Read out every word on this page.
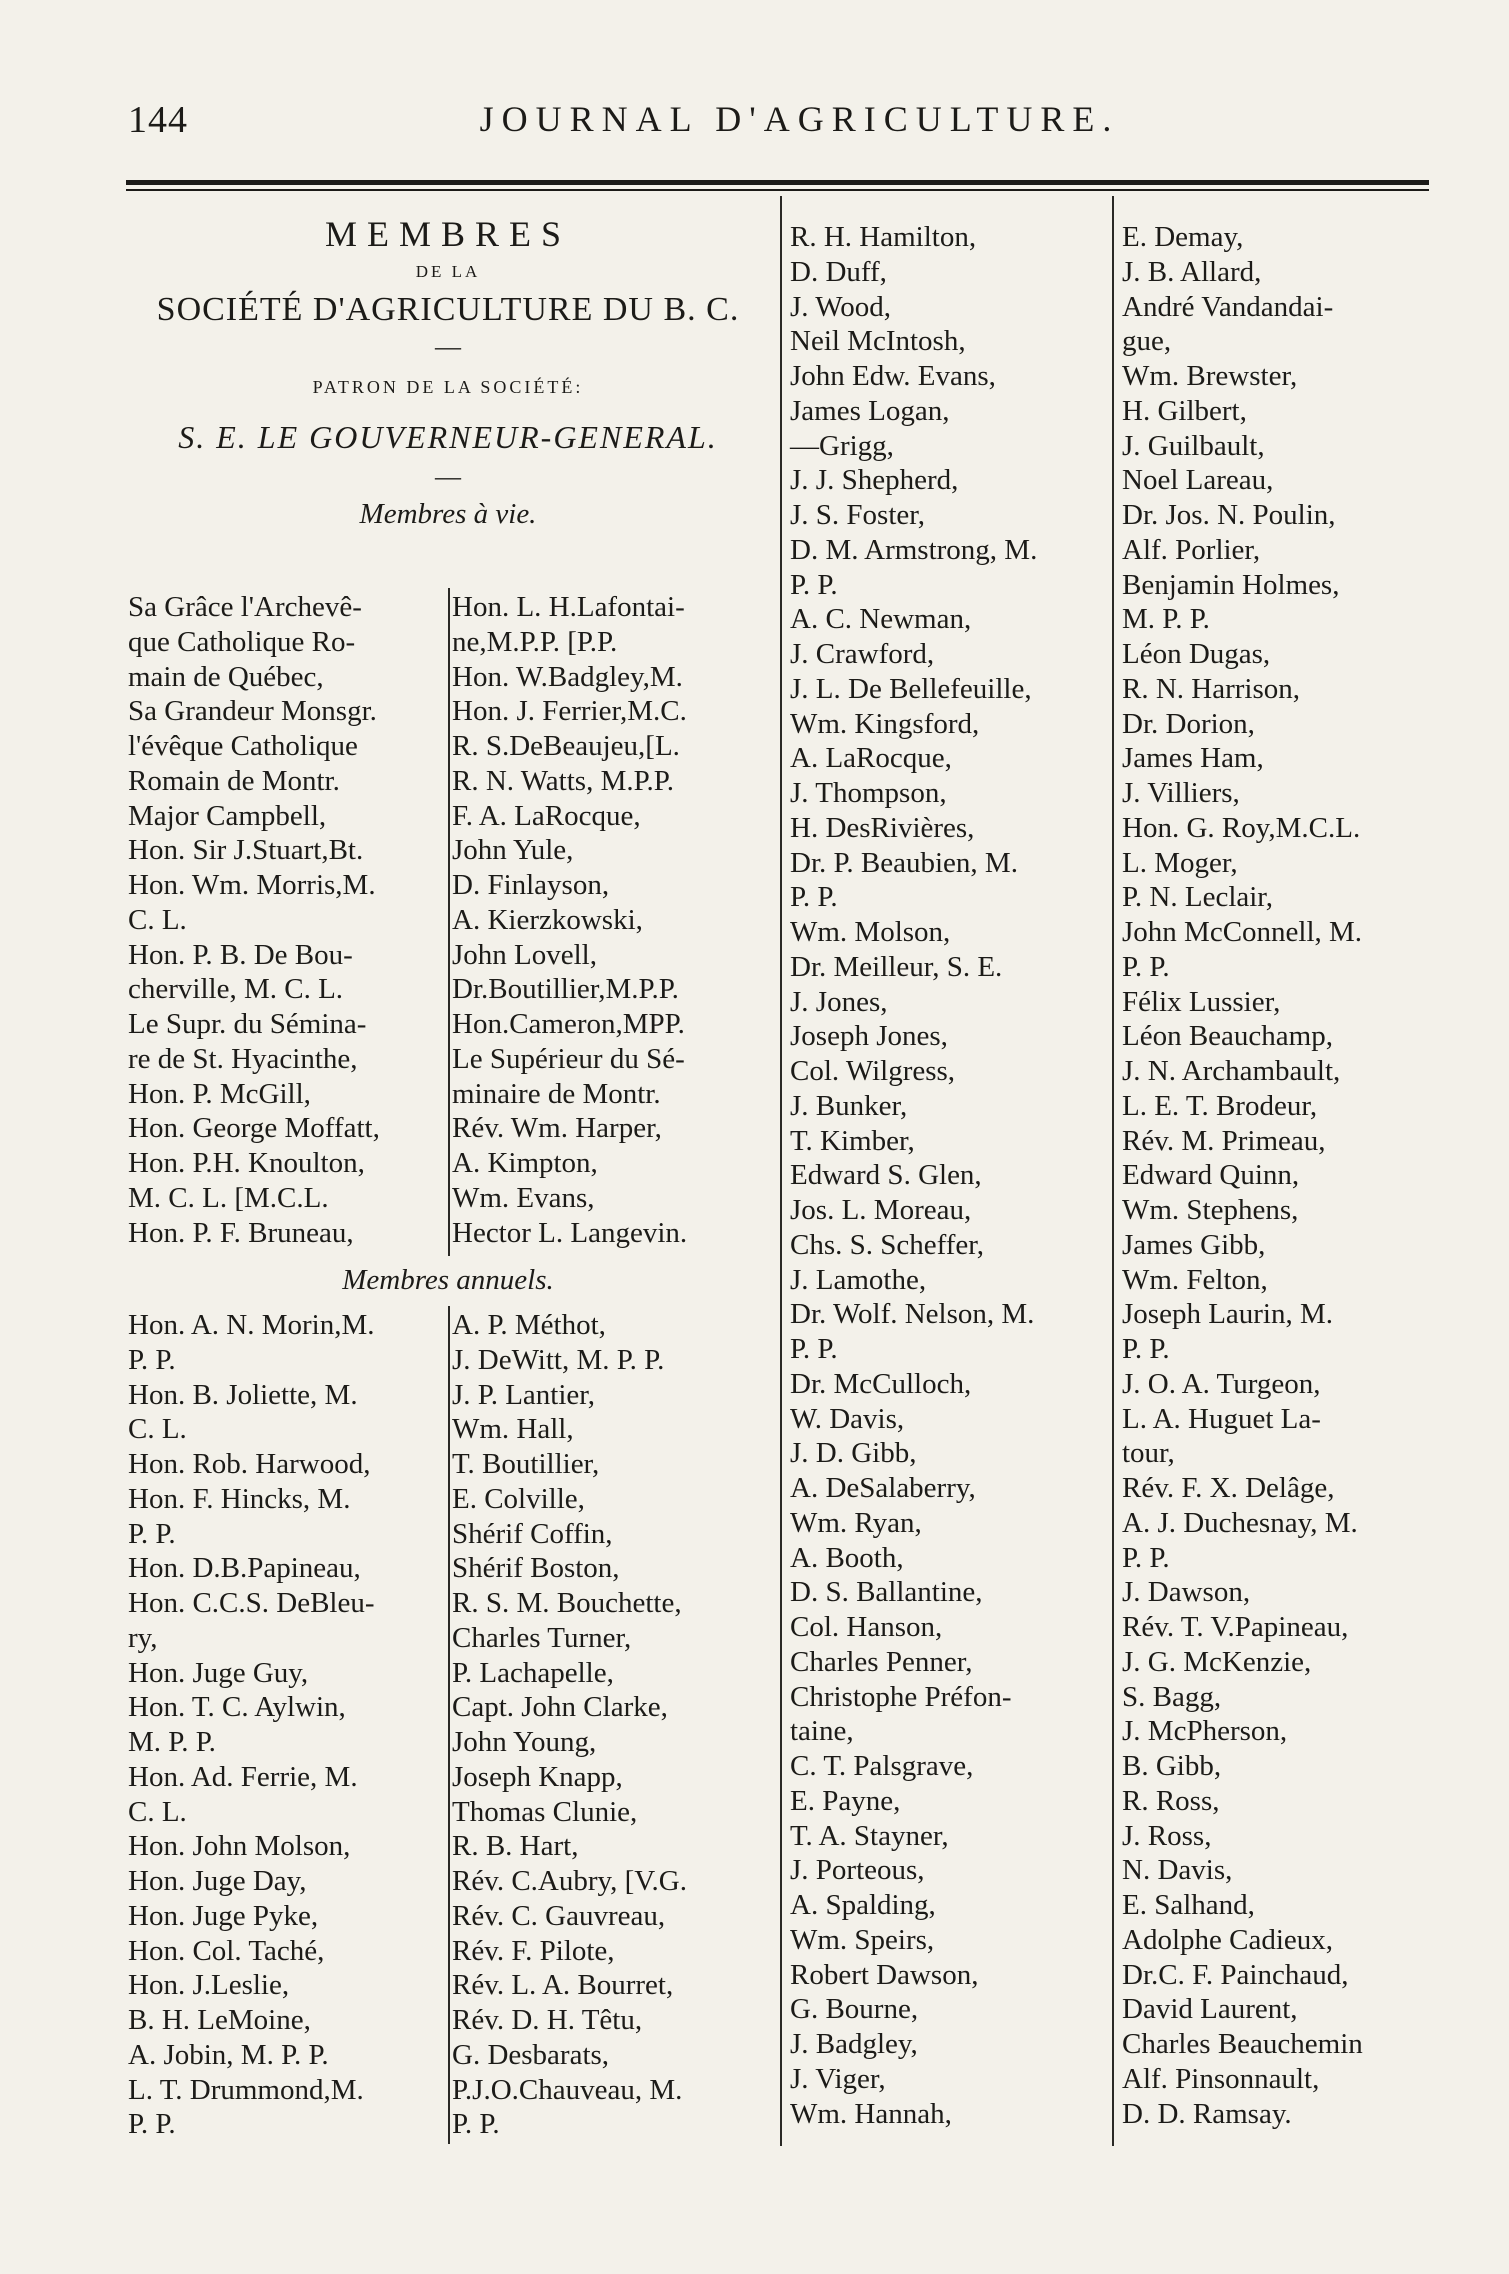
144	JOURNAL D'AGRICULTURE.
MEMBRES
DE LA
SOCIÉTÉ D'AGRICULTURE DU B. C.
—
PATRON DE LA SOCIÉTÉ:
S. E. LE GOUVERNEUR-GENERAL.
—
Membres à vie.
Sa Grâce l'Archevê-
que Catholique Ro-
main de Québec,
Sa Grandeur Monsgr.
l'évêque Catholique
Romain de Montr.
Major Campbell,
Hon. Sir J.Stuart,Bt.
Hon. Wm. Morris,M.
C. L.
Hon. P. B. De Bou-
cherville, M. C. L.
Le Supr. du Sémina-
re de St. Hyacinthe,
Hon. P. McGill,
Hon. George Moffatt,
Hon. P.H. Knoulton,
M. C. L. [M.C.L.
Hon. P. F. Bruneau,
Hon. L. H.Lafontai-
ne,M.P.P. [P.P.
Hon. W.Badgley,M.
Hon. J. Ferrier,M.C.
R. S.DeBeaujeu,[L.
R. N. Watts, M.P.P.
F. A. LaRocque,
John Yule,
D. Finlayson,
A. Kierzkowski,
John Lovell,
Dr.Boutillier,M.P.P.
Hon.Cameron,MPP.
Le Supérieur du Sé-
minaire de Montr.
Rév. Wm. Harper,
A. Kimpton,
Wm. Evans,
Hector L. Langevin.
Membres annuels.
Hon. A. N. Morin,M.
P. P.
Hon. B. Joliette, M.
C. L.
Hon. Rob. Harwood,
Hon. F. Hincks, M.
P. P.
Hon. D.B.Papineau,
Hon. C.C.S. DeBleu-
ry,
Hon. Juge Guy,
Hon. T. C. Aylwin,
M. P. P.
Hon. Ad. Ferrie, M.
C. L.
Hon. John Molson,
Hon. Juge Day,
Hon. Juge Pyke,
Hon. Col. Taché,
Hon. J.Leslie,
B. H. LeMoine,
A. Jobin, M. P. P.
L. T. Drummond,M.
P. P.
A. P. Méthot,
J. DeWitt, M. P. P.
J. P. Lantier,
Wm. Hall,
T. Boutillier,
E. Colville,
Shérif Coffin,
Shérif Boston,
R. S. M. Bouchette,
Charles Turner,
P. Lachapelle,
Capt. John Clarke,
John Young,
Joseph Knapp,
Thomas Clunie,
R. B. Hart,
Rév. C.Aubry, [V.G.
Rév. C. Gauvreau,
Rév. F. Pilote,
Rév. L. A. Bourret,
Rév. D. H. Têtu,
G. Desbarats,
P.J.O.Chauveau, M.
P. P.
R. H. Hamilton,
D. Duff,
J. Wood,
Neil McIntosh,
John Edw. Evans,
James Logan,
—Grigg,
J. J. Shepherd,
J. S. Foster,
D. M. Armstrong, M.
P. P.
A. C. Newman,
J. Crawford,
J. L. De Bellefeuille,
Wm. Kingsford,
A. LaRocque,
J. Thompson,
H. DesRivières,
Dr. P. Beaubien, M.
P. P.
Wm. Molson,
Dr. Meilleur, S. E.
J. Jones,
Joseph Jones,
Col. Wilgress,
J. Bunker,
T. Kimber,
Edward S. Glen,
Jos. L. Moreau,
Chs. S. Scheffer,
J. Lamothe,
Dr. Wolf. Nelson, M.
P. P.
Dr. McCulloch,
W. Davis,
J. D. Gibb,
A. DeSalaberry,
Wm. Ryan,
A. Booth,
D. S. Ballantine,
Col. Hanson,
Charles Penner,
Christophe Préfon-
taine,
C. T. Palsgrave,
E. Payne,
T. A. Stayner,
J. Porteous,
A. Spalding,
Wm. Speirs,
Robert Dawson,
G. Bourne,
J. Badgley,
J. Viger,
Wm. Hannah,
E. Demay,
J. B. Allard,
André Vandandai-
gue,
Wm. Brewster,
H. Gilbert,
J. Guilbault,
Noel Lareau,
Dr. Jos. N. Poulin,
Alf. Porlier,
Benjamin Holmes,
M. P. P.
Léon Dugas,
R. N. Harrison,
Dr. Dorion,
James Ham,
J. Villiers,
Hon. G. Roy,M.C.L.
L. Moger,
P. N. Leclair,
John McConnell, M.
P. P.
Félix Lussier,
Léon Beauchamp,
J. N. Archambault,
L. E. T. Brodeur,
Rév. M. Primeau,
Edward Quinn,
Wm. Stephens,
James Gibb,
Wm. Felton,
Joseph Laurin, M.
P. P.
J. O. A. Turgeon,
L. A. Huguet La-
tour,
Rév. F. X. Delâge,
A. J. Duchesnay, M.
P. P.
J. Dawson,
Rév. T. V.Papineau,
J. G. McKenzie,
S. Bagg,
J. McPherson,
B. Gibb,
R. Ross,
J. Ross,
N. Davis,
E. Salhand,
Adolphe Cadieux,
Dr.C. F. Painchaud,
David Laurent,
Charles Beauchemin
Alf. Pinsonnault,
D. D. Ramsay.
